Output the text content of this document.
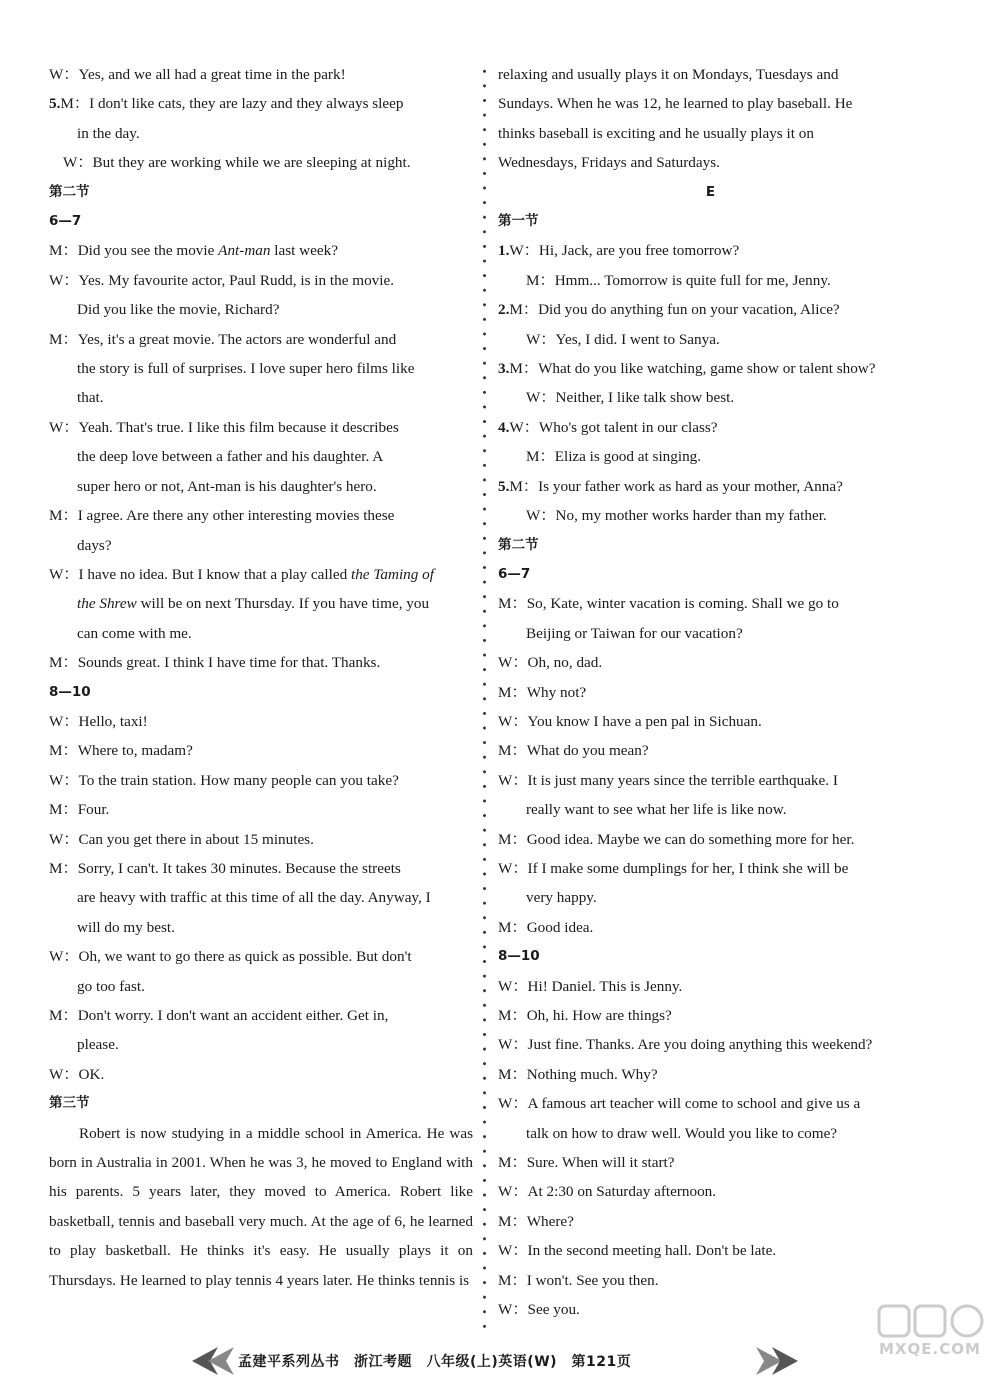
W： Yes, and we all had a great time in the park!
5. M： I don't like cats, they are lazy and they always sleep
in the day.
W： But they are working while we are sleeping at night.
第二节
6—7
M： Did you see the movie Ant-man last week?
W： Yes. My favourite actor, Paul Rudd, is in the movie.
Did you like the movie, Richard?
M： Yes, it's a great movie. The actors are wonderful and
the story is full of surprises. I love super hero films like
that.
W： Yeah. That's true. I like this film because it describes
the deep love between a father and his daughter. A
super hero or not, Ant-man is his daughter's hero.
M： I agree. Are there any other interesting movies these
days?
W： I have no idea. But I know that a play called the Taming of
the Shrew will be on next Thursday. If you have time, you
can come with me.
M： Sounds great. I think I have time for that. Thanks.
8—10
W： Hello, taxi!
M： Where to, madam?
W： To the train station. How many people can you take?
M： Four.
W： Can you get there in about 15 minutes.
M： Sorry, I can't. It takes 30 minutes. Because the streets
are heavy with traffic at this time of all the day. Anyway, I
will do my best.
W： Oh, we want to go there as quick as possible. But don't
go too fast.
M： Don't worry. I don't want an accident either. Get in,
please.
W： OK.
第三节
Robert is now studying in a middle school in America. He was born in Australia in 2001. When he was 3, he moved to England with his parents. 5 years later, they moved to America. Robert like basketball, tennis and baseball very much. At the age of 6, he learned to play basketball. He thinks it's easy. He usually plays it on Thursdays. He learned to play tennis 4 years later. He thinks tennis is
relaxing and usually plays it on Mondays, Tuesdays and
Sundays. When he was 12, he learned to play baseball. He
thinks baseball is exciting and he usually plays it on
Wednesdays, Fridays and Saturdays.
E
第一节
1. W： Hi, Jack, are you free tomorrow?
M：Hmm... Tomorrow is quite full for me, Jenny.
2. M： Did you do anything fun on your vacation, Alice?
W：Yes, I did. I went to Sanya.
3. M： What do you like watching, game show or talent show?
W：Neither, I like talk show best.
4. W： Who's got talent in our class?
M：Eliza is good at singing.
5. M： Is your father work as hard as your mother, Anna?
W：No, my mother works harder than my father.
第二节
6—7
M： So, Kate, winter vacation is coming. Shall we go to
Beijing or Taiwan for our vacation?
W： Oh, no, dad.
M： Why not?
W： You know I have a pen pal in Sichuan.
M： What do you mean?
W： It is just many years since the terrible earthquake. I
really want to see what her life is like now.
M： Good idea. Maybe we can do something more for her.
W： If I make some dumplings for her, I think she will be
very happy.
M： Good idea.
8—10
W： Hi! Daniel. This is Jenny.
M： Oh, hi. How are things?
W： Just fine. Thanks. Are you doing anything this weekend?
M： Nothing much. Why?
W： A famous art teacher will come to school and give us a
talk on how to draw well. Would you like to come?
M： Sure. When will it start?
W： At 2:30 on Saturday afternoon.
M： Where?
W： In the second meeting hall. Don't be late.
M： I won't. See you then.
W： See you.
孟建平系列丛书　浙江考题　八年级(上)英语(W)　第121页
MXQE.COM
